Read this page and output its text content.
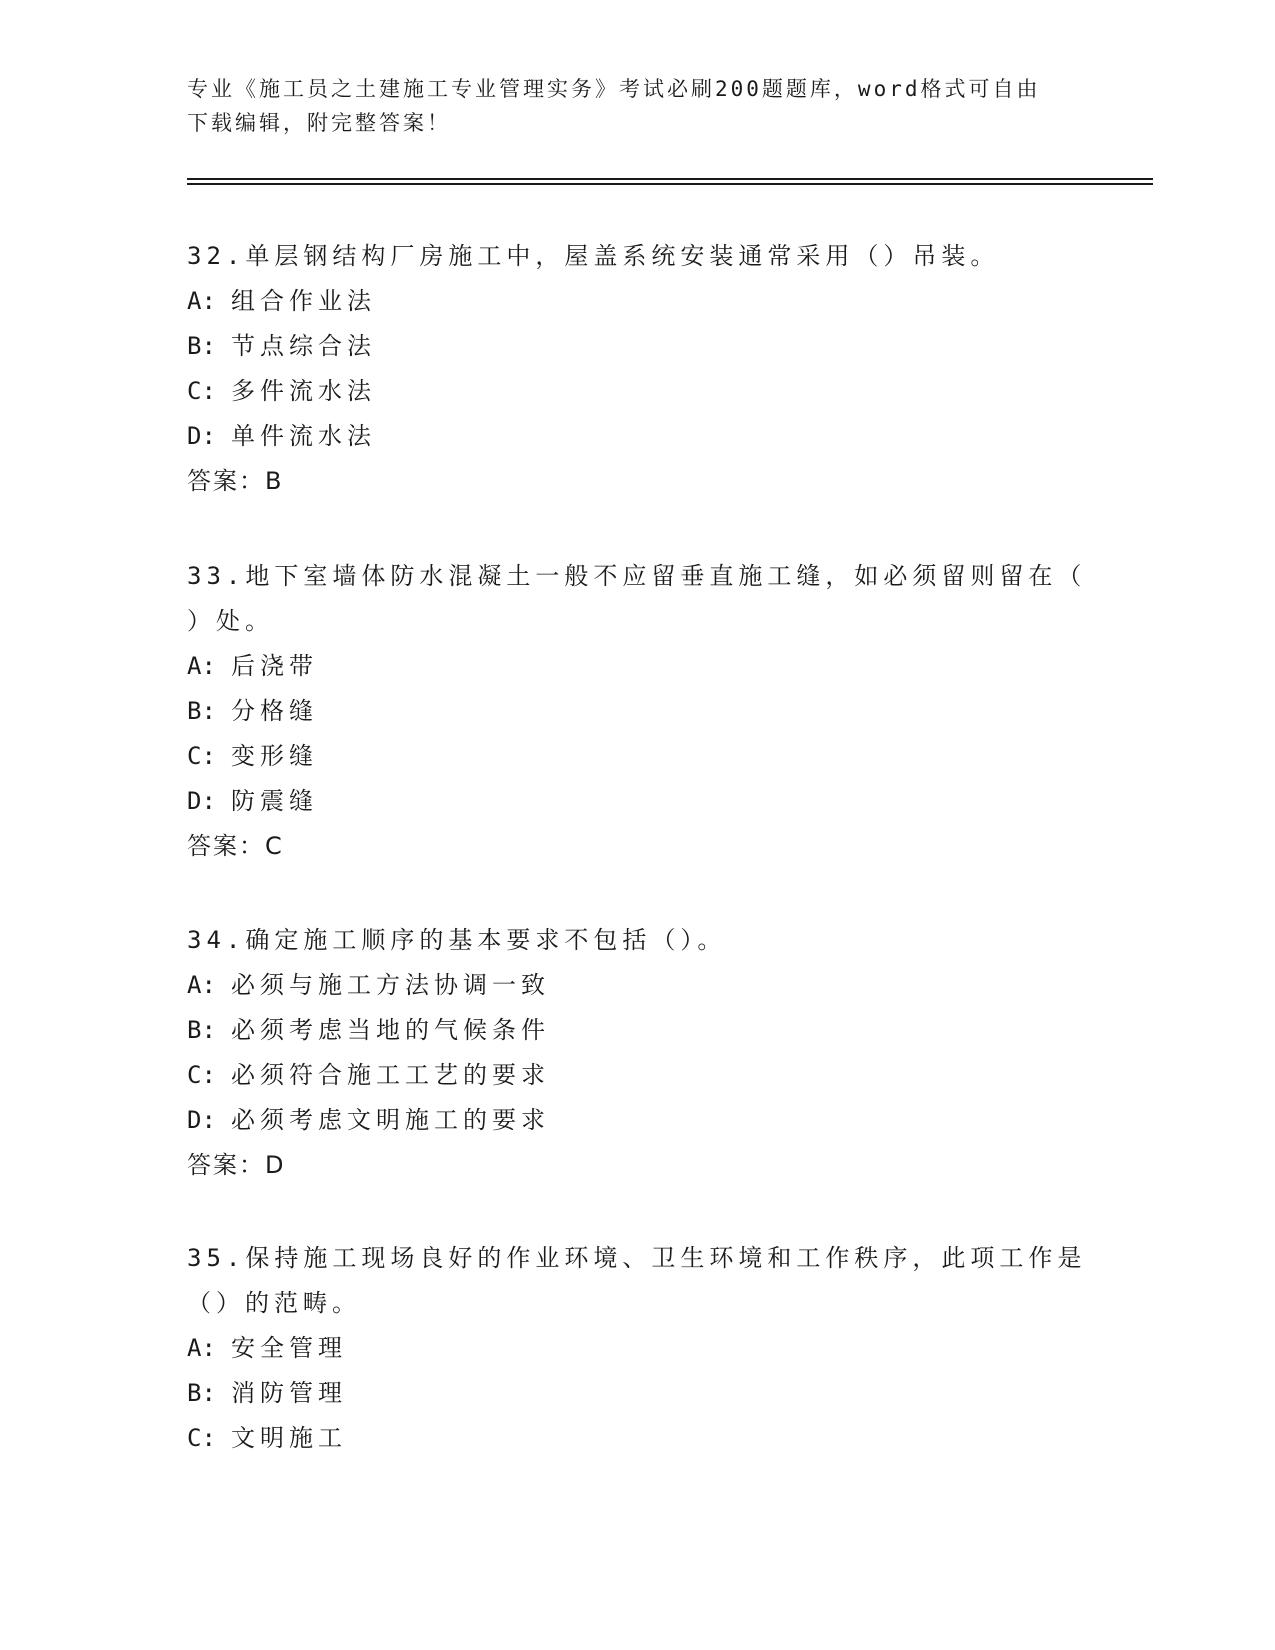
专业《施工员之土建施工专业管理实务》考试必刷200题题库，word格式可自由
下载编辑，附完整答案！
32.单层钢结构厂房施工中，屋盖系统安装通常采用（）吊装。
A: 组合作业法
B: 节点综合法
C: 多件流水法
D: 单件流水法
答案：B
33.地下室墙体防水混凝土一般不应留垂直施工缝，如必须留则留在（
）处。
A: 后浇带
B: 分格缝
C: 变形缝
D: 防震缝
答案：C
34.确定施工顺序的基本要求不包括（）。
A: 必须与施工方法协调一致
B: 必须考虑当地的气候条件
C: 必须符合施工工艺的要求
D: 必须考虑文明施工的要求
答案：D
35.保持施工现场良好的作业环境、卫生环境和工作秩序，此项工作是
（）的范畴。
A: 安全管理
B: 消防管理
C: 文明施工
